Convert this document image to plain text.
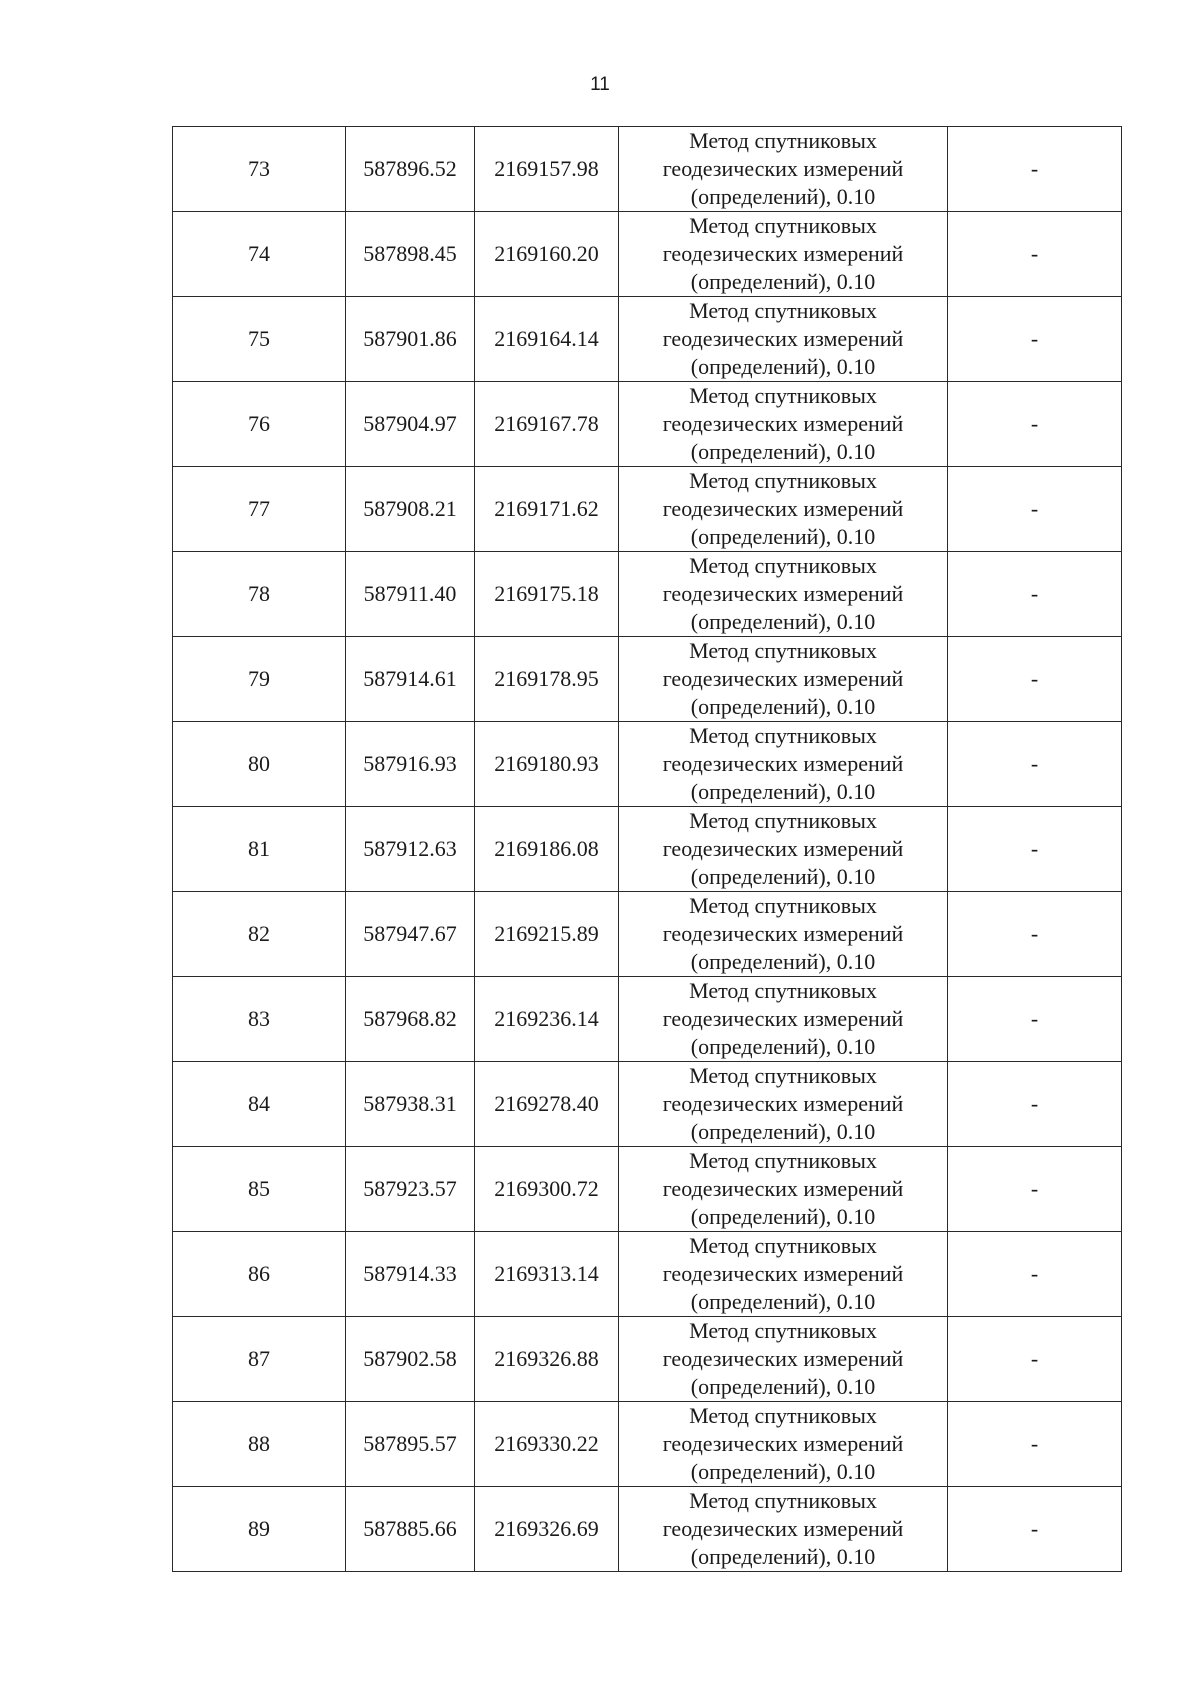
11
73	587896.52	2169157.98	Метод спутниковых
геодезических измерений
(определений), 0.10	-
74	587898.45	2169160.20	Метод спутниковых
геодезических измерений
(определений), 0.10	-
75	587901.86	2169164.14	Метод спутниковых
геодезических измерений
(определений), 0.10	-
76	587904.97	2169167.78	Метод спутниковых
геодезических измерений
(определений), 0.10	-
77	587908.21	2169171.62	Метод спутниковых
геодезических измерений
(определений), 0.10	-
78	587911.40	2169175.18	Метод спутниковых
геодезических измерений
(определений), 0.10	-
79	587914.61	2169178.95	Метод спутниковых
геодезических измерений
(определений), 0.10	-
80	587916.93	2169180.93	Метод спутниковых
геодезических измерений
(определений), 0.10	-
81	587912.63	2169186.08	Метод спутниковых
геодезических измерений
(определений), 0.10	-
82	587947.67	2169215.89	Метод спутниковых
геодезических измерений
(определений), 0.10	-
83	587968.82	2169236.14	Метод спутниковых
геодезических измерений
(определений), 0.10	-
84	587938.31	2169278.40	Метод спутниковых
геодезических измерений
(определений), 0.10	-
85	587923.57	2169300.72	Метод спутниковых
геодезических измерений
(определений), 0.10	-
86	587914.33	2169313.14	Метод спутниковых
геодезических измерений
(определений), 0.10	-
87	587902.58	2169326.88	Метод спутниковых
геодезических измерений
(определений), 0.10	-
88	587895.57	2169330.22	Метод спутниковых
геодезических измерений
(определений), 0.10	-
89	587885.66	2169326.69	Метод спутниковых
геодезических измерений
(определений), 0.10	-
